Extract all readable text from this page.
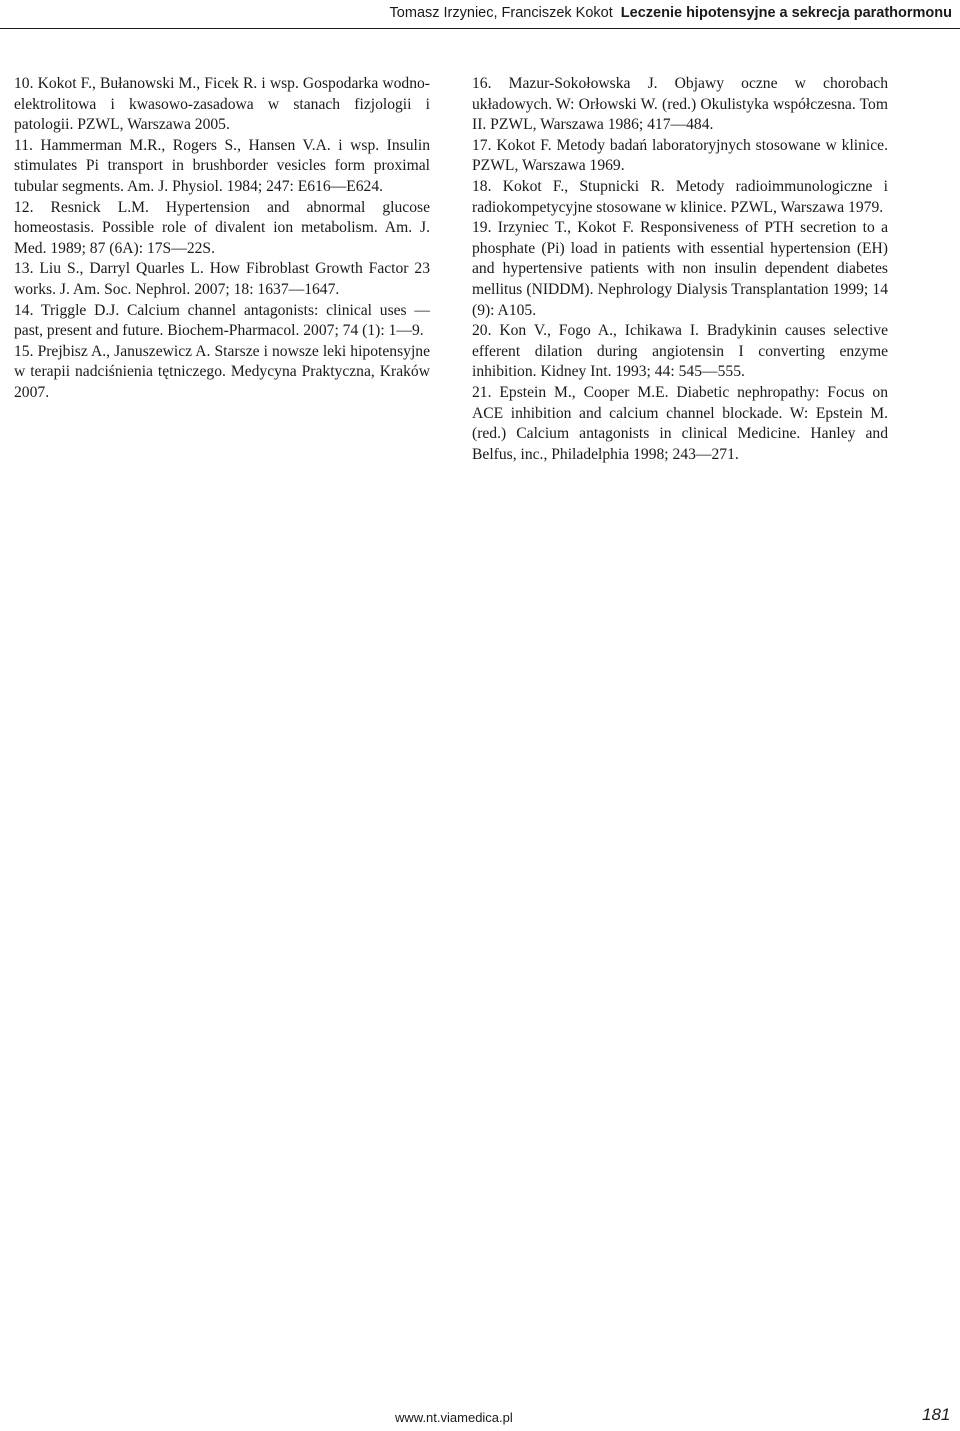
Tomasz Irzyniec, Franciszek Kokot Leczenie hipotensyjne a sekrecja parathormonu

10. Kokot F., Bułanowski M., Ficek R. i wsp. Gospodarka wodno-elektrolitowa i kwasowo-zasadowa w stanach fizjologii i patologii. PZWL, Warszawa 2005.

11. Hammerman M.R., Rogers S., Hansen V.A. i wsp. Insulin stimulates Pi transport in brushborder vesicles form proximal tubular segments. Am. J. Physiol. 1984; 247: E616—E624.

12. Resnick L.M. Hypertension and abnormal glucose homeostasis. Possible role of divalent ion metabolism. Am. J. Med. 1989; 87 (6A): 17S—22S.

13. Liu S., Darryl Quarles L. How Fibroblast Growth Factor 23 works. J. Am. Soc. Nephrol. 2007; 18: 1637—1647.

14. Triggle D.J. Calcium channel antagonists: clinical uses — past, present and future. Biochem-Pharmacol. 2007; 74 (1): 1—9.

15. Prejbisz A., Januszewicz A. Starsze i nowsze leki hipotensyjne w terapii nadciśnienia tętniczego. Medycyna Praktyczna, Kraków 2007.

16. Mazur-Sokołowska J. Objawy oczne w chorobach układowych. W: Orłowski W. (red.) Okulistyka współczesna. Tom II. PZWL, Warszawa 1986; 417—484.

17. Kokot F. Metody badań laboratoryjnych stosowane w klinice. PZWL, Warszawa 1969.

18. Kokot F., Stupnicki R. Metody radioimmunologiczne i radiokompetycyjne stosowane w klinice. PZWL, Warszawa 1979.

19. Irzyniec T., Kokot F. Responsiveness of PTH secretion to a phosphate (Pi) load in patients with essential hypertension (EH) and hypertensive patients with non insulin dependent diabetes mellitus (NIDDM). Nephrology Dialysis Transplantation 1999; 14 (9): A105.

20. Kon V., Fogo A., Ichikawa I. Bradykinin causes selective efferent dilation during angiotensin I converting enzyme inhibition. Kidney Int. 1993; 44: 545—555.

21. Epstein M., Cooper M.E. Diabetic nephropathy: Focus on ACE inhibition and calcium channel blockade. W: Epstein M. (red.) Calcium antagonists in clinical Medicine. Hanley and Belfus, inc., Philadelphia 1998; 243—271.

www.nt.viamedica.pl	181
